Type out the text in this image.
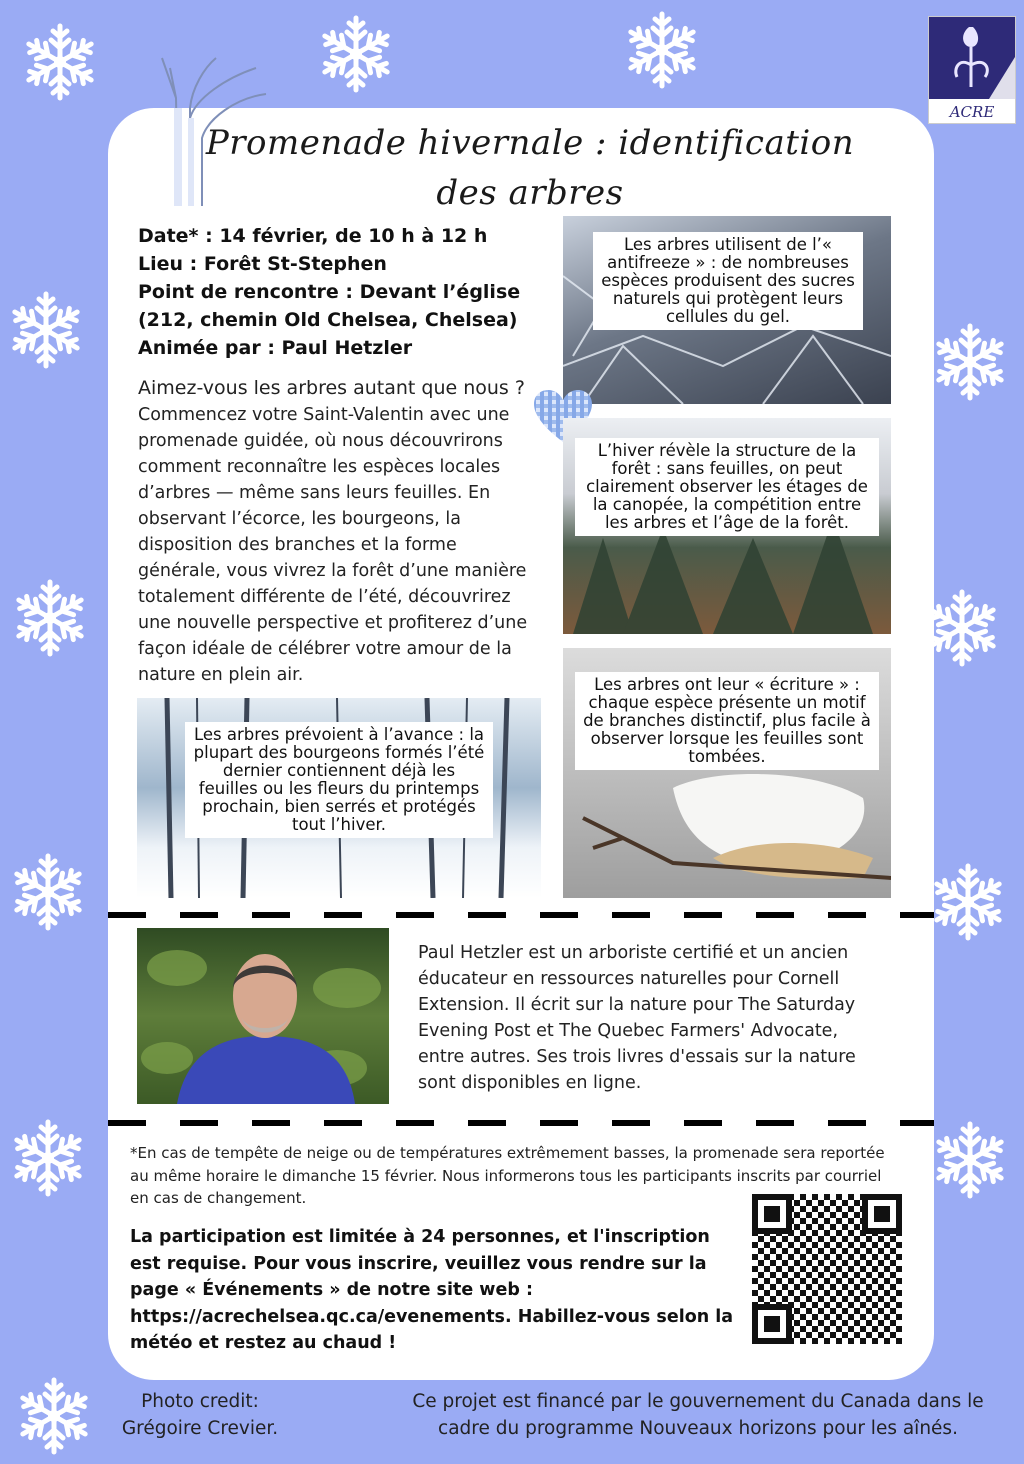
ACRE
Promenade hivernale : identification
des arbres
Date* : 14 février, de 10 h à 12 h
Lieu : Forêt St-Stephen
Point de rencontre : Devant l’église
(212, chemin Old Chelsea, Chelsea)
Animée par : Paul Hetzler
Aimez-vous les arbres autant que nous ?
Commencez votre Saint-Valentin avec une promenade guidée, où nous découvrirons comment reconnaître les espèces locales d’arbres — même sans leurs feuilles. En observant l’écorce, les bourgeons, la disposition des branches et la forme générale, vous vivrez la forêt d’une manière totalement différente de l’été, découvrirez une nouvelle perspective et profiterez d’une façon idéale de célébrer votre amour de la nature en plein air.
Les arbres utilisent de l’« antifreeze » : de nombreuses espèces produisent des sucres naturels qui protègent leurs cellules du gel.
L’hiver révèle la structure de la forêt : sans feuilles, on peut clairement observer les étages de la canopée, la compétition entre les arbres et l’âge de la forêt.
Les arbres ont leur « écriture » : chaque espèce présente un motif de branches distinctif, plus facile à observer lorsque les feuilles sont tombées.
Les arbres prévoient à l’avance : la plupart des bourgeons formés l’été dernier contiennent déjà les feuilles ou les fleurs du printemps prochain, bien serrés et protégés tout l’hiver.
Paul Hetzler est un arboriste certifié et un ancien éducateur en ressources naturelles pour Cornell Extension. Il écrit sur la nature pour The Saturday Evening Post et The Quebec Farmers' Advocate, entre autres. Ses trois livres d'essais sur la nature sont disponibles en ligne.
*En cas de tempête de neige ou de températures extrêmement basses, la promenade sera reportée au même horaire le dimanche 15 février. Nous informerons tous les participants inscrits par courriel en cas de changement.
La participation est limitée à 24 personnes, et l'inscription est requise. Pour vous inscrire, veuillez vous rendre sur la page « Événements » de notre site web : https://acrechelsea.qc.ca/evenements. Habillez-vous selon la météo et restez au chaud !
Photo credit:
Grégoire Crevier.
Ce projet est financé par le gouvernement du Canada dans le
cadre du programme Nouveaux horizons pour les aînés.
